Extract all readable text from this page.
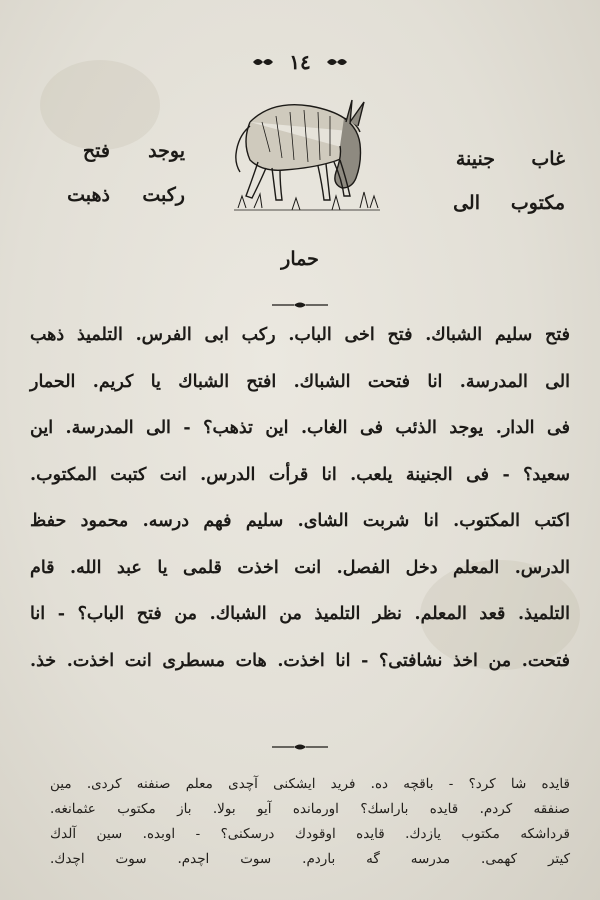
١٤
فتح يوجد
ذهبت ركبت
جنينة غاب
الى مكتوب
حمار
فتح سليم الشباك. فتح اخى الباب. ركب ابى الفرس. التلميذ ذهب
الى المدرسة. انا فتحت الشباك. افتح الشباك يا كريم. الحمار
فى الدار. يوجد الذئب فى الغاب. اين تذهب؟ - الى المدرسة. اين
سعيد؟ - فى الجنينة يلعب. انا قرأت الدرس. انت كتبت المكتوب.
اكتب المكتوب. انا شربت الشاى. سليم فهم درسه. محمود حفظ
الدرس. المعلم دخل الفصل. انت اخذت قلمى يا عبد الله. قام
التلميذ. قعد المعلم. نظر التلميذ من الشباك. من فتح الباب؟ - انا
فتحت. من اخذ نشافتى؟ - انا اخذت. هات مسطرى انت اخذت. خذ.
قايده شا كرد؟ - باقچه ده. فريد ايشكنى آچدى معلم صنفنه كردى. مين
صنفقه كردم. قايده باراسك؟ اورمانده آيو بولا. باز مكتوب عثمانغه.
قرداشكه مكتوب يازدك. قايده اوقودك درسكنى؟ - اوبده. سين آلدك
كيتر كهمى. مدرسه گه باردم. سوت اچدم. سوت اچدك.
